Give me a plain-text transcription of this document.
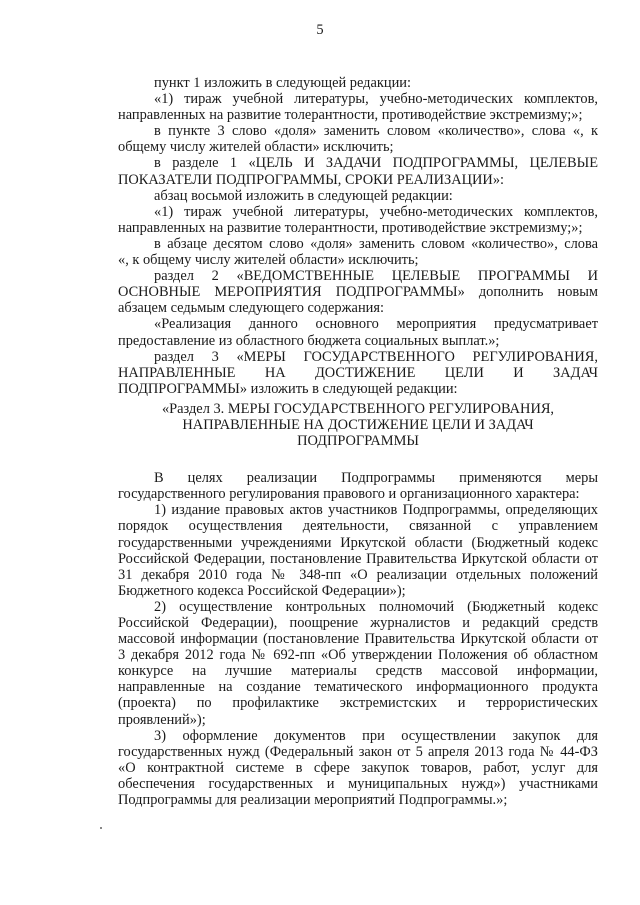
5
пункт 1 изложить в следующей редакции:
«1) тираж учебной литературы, учебно-методических комплектов,
направленных на развитие толерантности, противодействие экстремизму;»;
в пункте 3 слово «доля» заменить словом «количество», слова «, к
общему числу жителей области» исключить;
в разделе 1 «ЦЕЛЬ И ЗАДАЧИ ПОДПРОГРАММЫ, ЦЕЛЕВЫЕ
ПОКАЗАТЕЛИ ПОДПРОГРАММЫ, СРОКИ РЕАЛИЗАЦИИ»:
абзац восьмой изложить в следующей редакции:
«1) тираж учебной литературы, учебно-методических комплектов,
направленных на развитие толерантности, противодействие экстремизму;»;
в абзаце десятом слово «доля» заменить словом «количество», слова
«, к общему числу жителей области» исключить;
раздел 2 «ВЕДОМСТВЕННЫЕ ЦЕЛЕВЫЕ ПРОГРАММЫ И
ОСНОВНЫЕ МЕРОПРИЯТИЯ ПОДПРОГРАММЫ» дополнить новым
абзацем седьмым следующего содержания:
«Реализация данного основного мероприятия предусматривает
предоставление из областного бюджета социальных выплат.»;
раздел 3 «МЕРЫ ГОСУДАРСТВЕННОГО РЕГУЛИРОВАНИЯ,
НАПРАВЛЕННЫЕ НА ДОСТИЖЕНИЕ ЦЕЛИ И ЗАДАЧ
ПОДПРОГРАММЫ» изложить в следующей редакции:
«Раздел 3. МЕРЫ ГОСУДАРСТВЕННОГО РЕГУЛИРОВАНИЯ,
НАПРАВЛЕННЫЕ НА ДОСТИЖЕНИЕ ЦЕЛИ И ЗАДАЧ
ПОДПРОГРАММЫ
В целях реализации Подпрограммы применяются меры
государственного регулирования правового и организационного характера:
1) издание правовых актов участников Подпрограммы, определяющих
порядок осуществления деятельности, связанной с управлением
государственными учреждениями Иркутской области (Бюджетный кодекс
Российской Федерации, постановление Правительства Иркутской области от
31 декабря 2010 года № 348-пп «О реализации отдельных положений
Бюджетного кодекса Российской Федерации»);
2) осуществление контрольных полномочий (Бюджетный кодекс
Российской Федерации), поощрение журналистов и редакций средств
массовой информации (постановление Правительства Иркутской области от
3 декабря 2012 года № 692-пп «Об утверждении Положения об областном
конкурсе на лучшие материалы средств массовой информации,
направленные на создание тематического информационного продукта
(проекта) по профилактике экстремистских и террористических
проявлений»);
3) оформление документов при осуществлении закупок для
государственных нужд (Федеральный закон от 5 апреля 2013 года № 44-ФЗ
«О контрактной системе в сфере закупок товаров, работ, услуг для
обеспечения государственных и муниципальных нужд») участниками
Подпрограммы для реализации мероприятий Подпрограммы.»;
